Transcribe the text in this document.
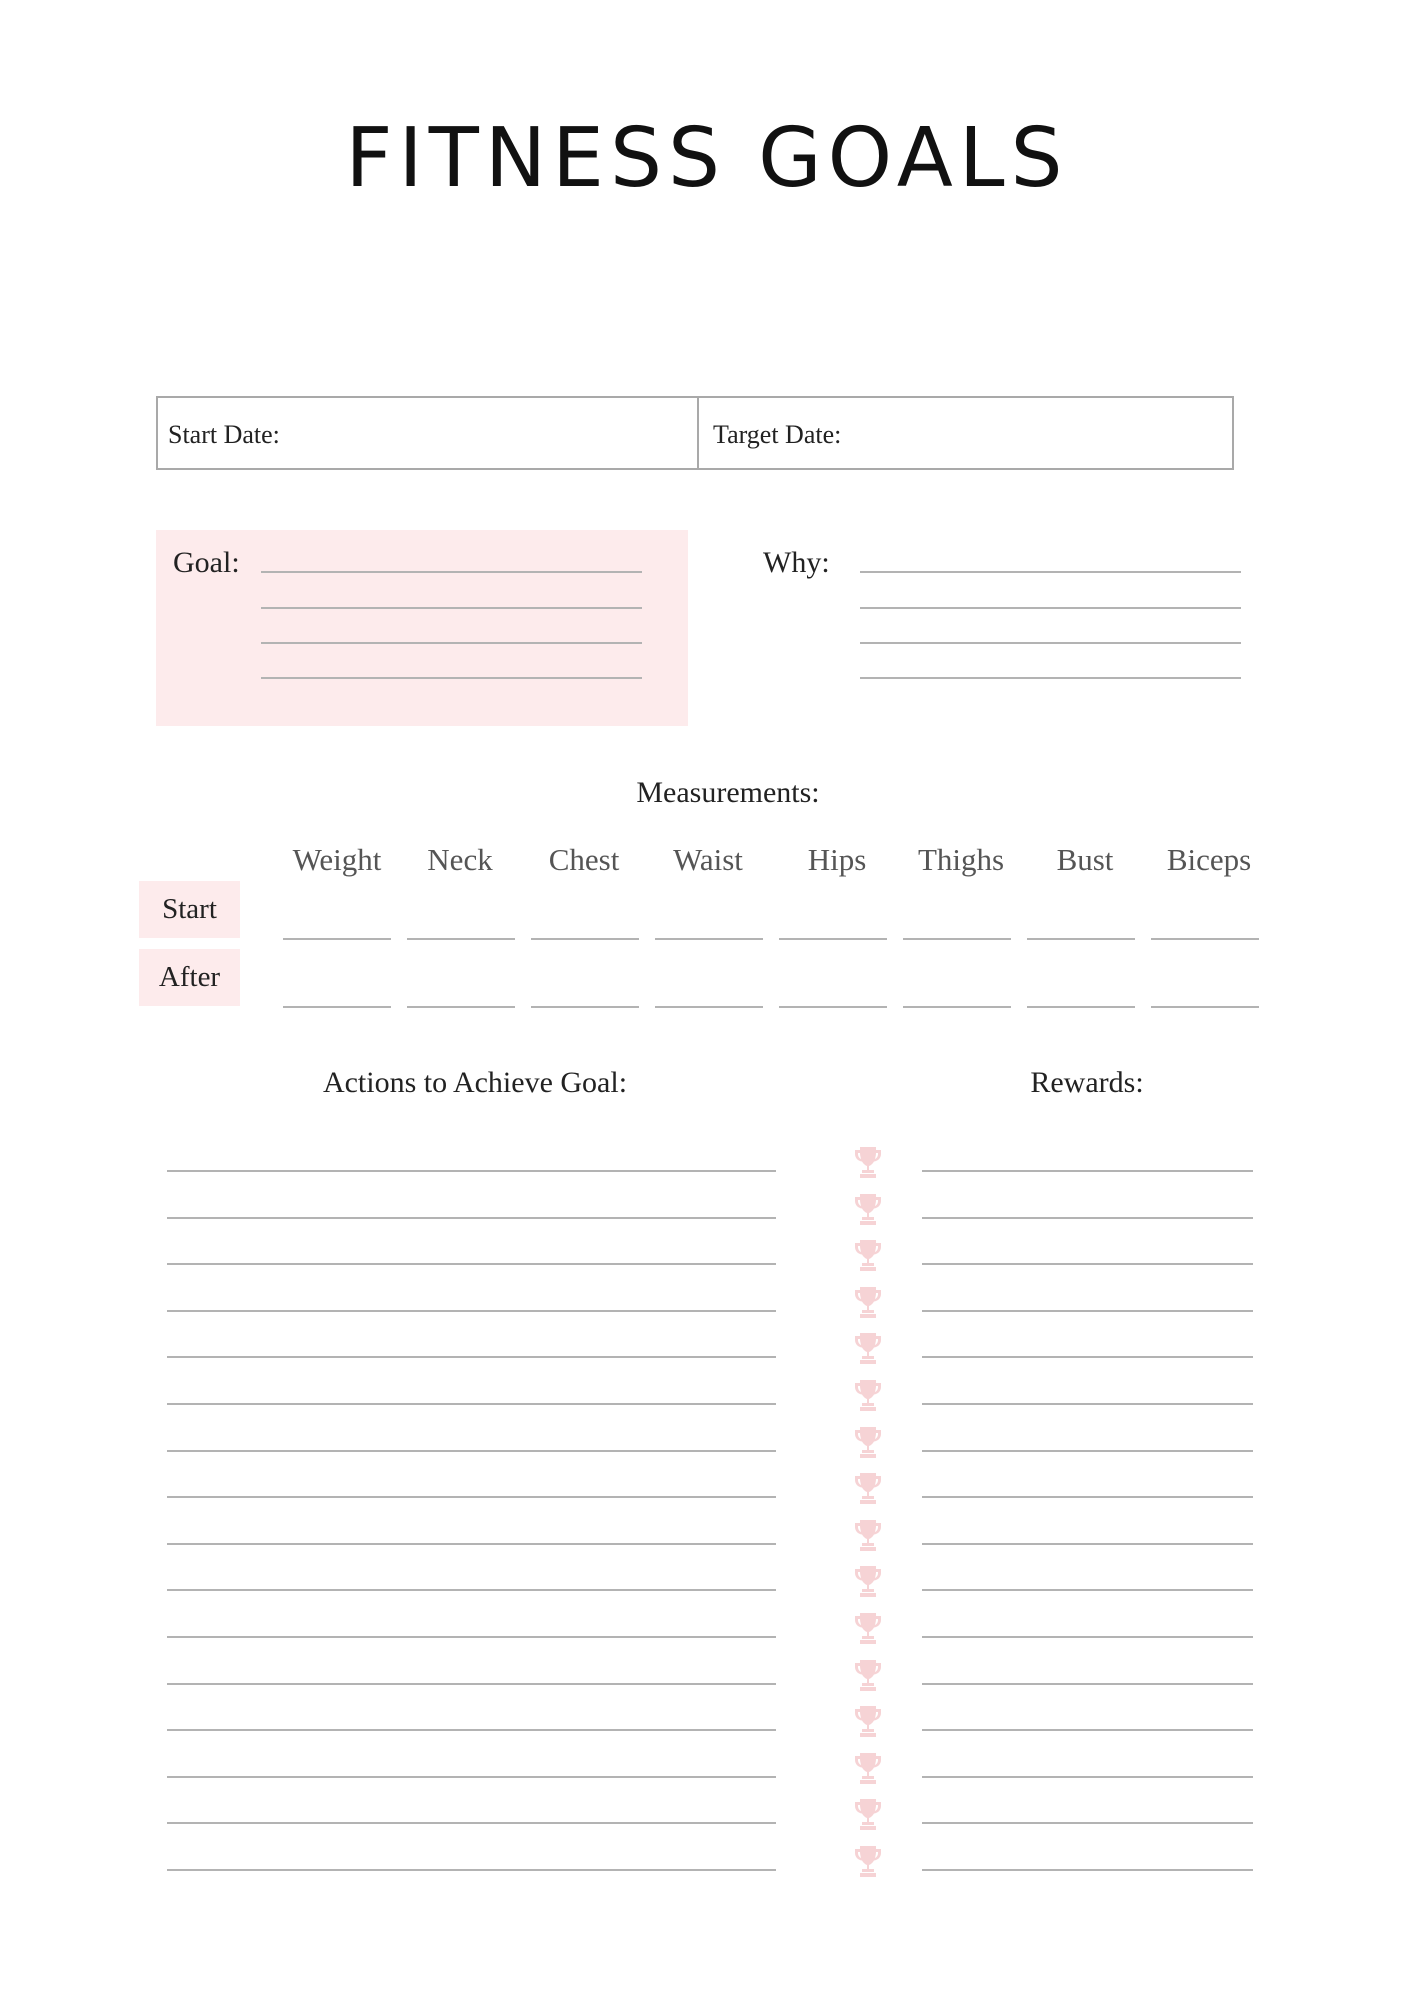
FITNESS GOALS
Start Date:	Target Date:
Goal:	Why:
Measurements:
Weight	Neck	Chest	Waist	Hips	Thighs	Bust	Biceps
Start
After
Actions to Achieve Goal:	Rewards:
